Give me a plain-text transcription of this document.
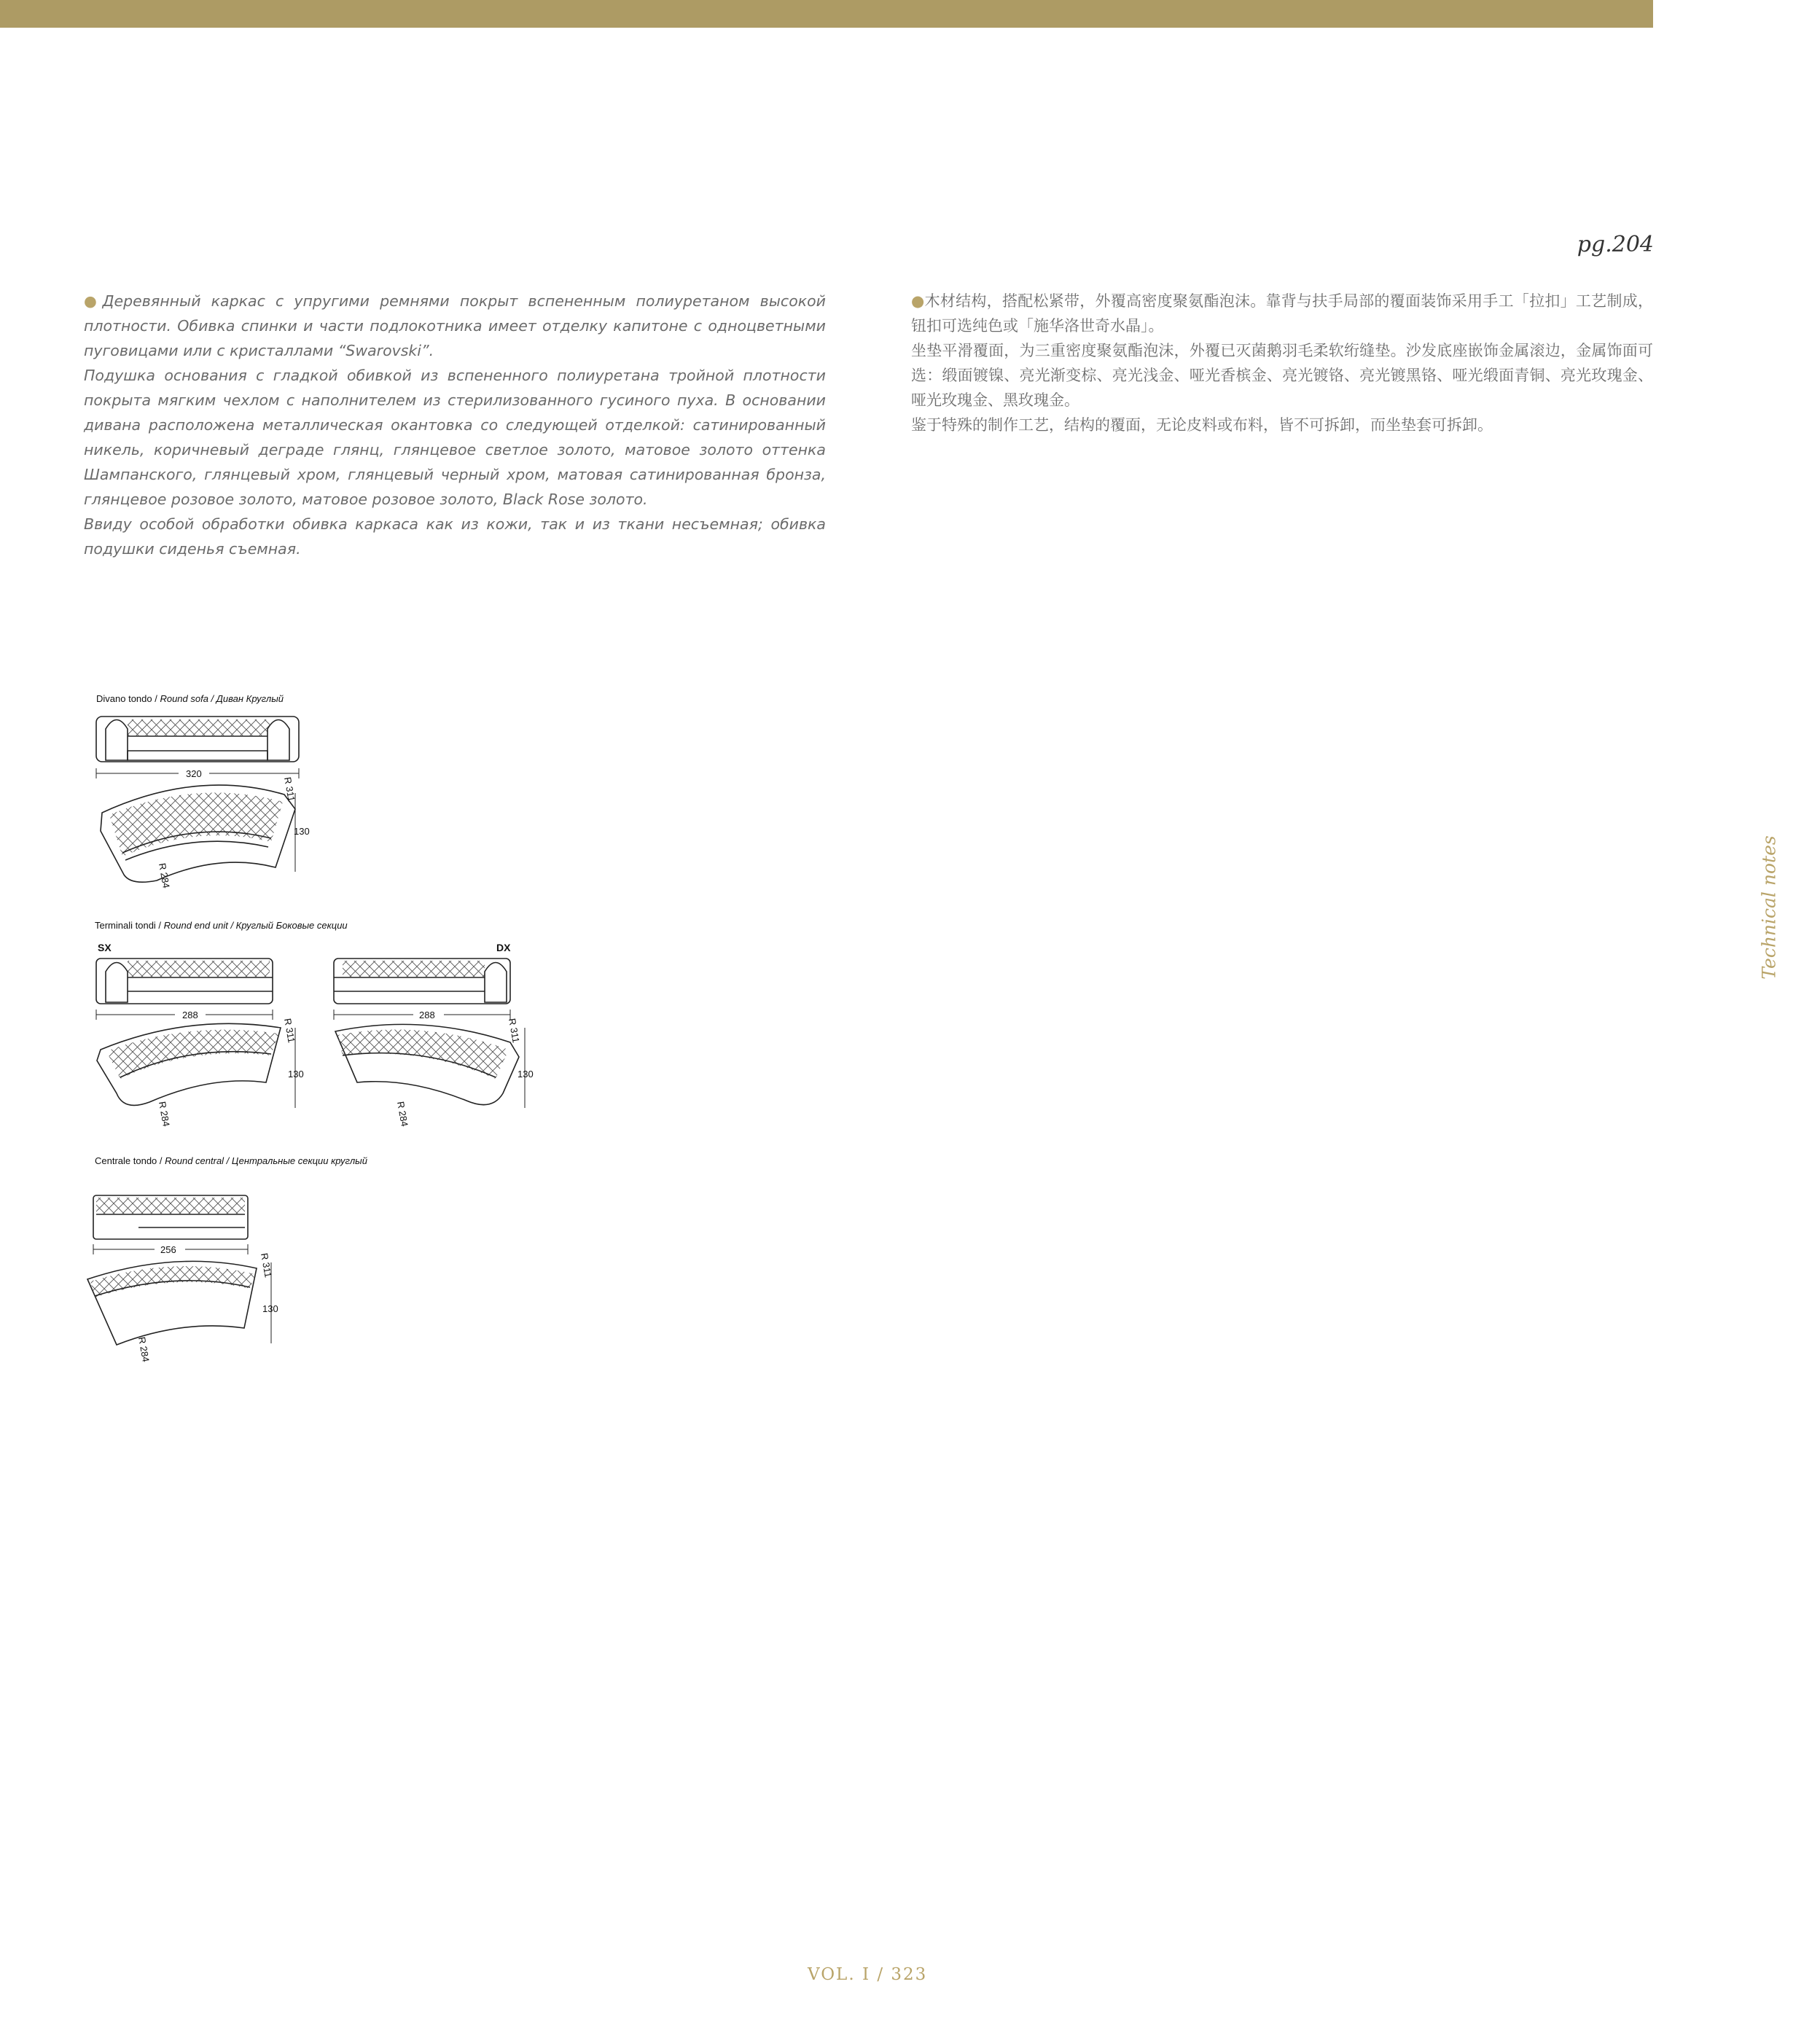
pg.204

●Деревянный каркас с упругими ремнями покрыт вспененным полиуретаном высокой плотности. Обивка спинки и части подлокотника имеет отделку капитоне с одноцветными пуговицами или с кристаллами “Swarovski”.

Подушка основания с гладкой обивкой из вспененного полиуретана тройной плотности покрыта мягким чехлом с наполнителем из стерилизованного гусиного пуха. В основании дивана расположена металлическая окантовка со следующей отделкой: сатинированный никель, коричневый деграде глянц, глянцевое светлое золото, матовое золото оттенка Шампанского, глянцевый хром, глянцевый черный хром, матовая сатинированная бронза, глянцевое розовое золото, матовое розовое золото, Black Rose золото.

Ввиду особой обработки обивка каркаса как из кожи, так и из ткани несъемная; обивка подушки сиденья съемная.

●木材结构，搭配松紧带，外覆高密度聚氨酯泡沫。靠背与扶手局部的覆面装饰采用手工「拉扣」工艺制成，钮扣可选纯色或「施华洛世奇水晶」。

坐垫平滑覆面，为三重密度聚氨酯泡沫，外覆已灭菌鹅羽毛柔软绗缝垫。沙发底座嵌饰金属滚边，金属饰面可选：缎面镀镍、亮光渐变棕、亮光浅金、哑光香槟金、亮光镀铬、亮光镀黑铬、哑光缎面青铜、亮光玫瑰金、哑光玫瑰金、黑玫瑰金。

鉴于特殊的制作工艺，结构的覆面，无论皮料或布料，皆不可拆卸，而坐垫套可拆卸。

Technical notes
VOL. I / 323
Divano tondo / Round sofa / Диван Круглый
Terminali tondi / Round end unit / Круглый Боковые секции
SX	DX
Centrale tondo / Round central / Центральные секции круглый
320
130
R 311
R 284
288
130
R 311
R 284
288
130
R 311
R 284
256
130
R 311
R 284
